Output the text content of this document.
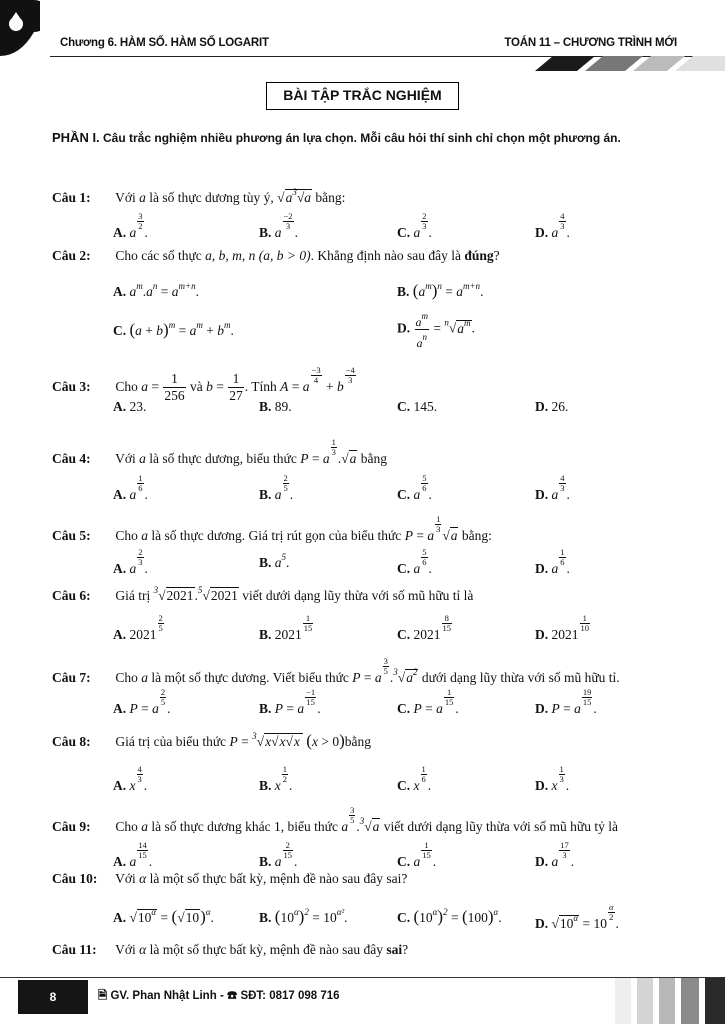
Chương 6. HÀM SỐ. HÀM SỐ LOGARIT	TOÁN 11 – CHƯƠNG TRÌNH MỚI
BÀI TẬP TRẮC NGHIỆM
PHẦN I. Câu trắc nghiệm nhiều phương án lựa chọn. Mỗi câu hỏi thí sinh chỉ chọn một phương án.
Câu 1: Với a là số thực dương tùy ý, $√a^3√a$ bằng:
A. a
$\frac{3}{2}$
.	B. a
$\frac{-2}{3}$
.	C. a
$\frac{2}{3}$
.	D. a
$\frac{4}{3}$
.
Câu 2: Cho các số thực a, b, m, n (a, b > 0). Khẳng định nào sau đây là đúng?
A. $a^m.a^n = a^{m+n}$.	B. $(a^m)^n = a^{m+n}$.
C. $(a + b)^m = a^m + b^m$.	D. $\frac{a^m}{a^n} = ^n√a^m$.
Câu 3: Cho $a = \frac{1}{256}$ và $b = \frac{1}{27}$ . Tính A = a
$\frac{-3}{4}$
+ b
$\frac{-4}{3}$
A. 23.	B. 89.	C. 145.	D. 26.
Câu 4: Với a là số thực dương, biểu thức P = a
$\frac{1}{3}$
.√a bằng
A. a
$\frac{1}{6}$
.	B. a
$\frac{2}{5}$
.	C. a
$\frac{5}{6}$
.	D. a
$\frac{4}{3}$
.
Câu 5: Cho a là số thực dương. Giá trị rút gọn của biểu thức P = a
$\frac{1}{3}$
√a bằng:
A. a
$\frac{2}{3}$
.	B. $a^5$.	C. a
$\frac{5}{6}$
.	D. a
$\frac{1}{6}$
.
Câu 6: Giá trị $^3$√2021.$^5$√2021 viết dưới dạng lũy thừa với số mũ hữu tỉ là
A. 2021
$\frac{2}{5}$
B. 2021
$\frac{1}{15}$
C. 2021
$\frac{8}{15}$
D. 2021
$\frac{1}{10}$
Câu 7: Cho a là một số thực dương. Viết biểu thức P = a
$\frac{3}{5}$
$.^3√a^2$ dưới dạng lũy thừa với số mũ hữu tỉ.
A. P = a
$\frac{2}{5}$
.	B. P = a
$\frac{-1}{15}$
.	C. P = a
$\frac{1}{15}$
.	D. P = a
$\frac{19}{15}$
.
Câu 8: Giá trị của biểu thức P = $^3$√x√x√x (x > 0)bằng
A. x
$\frac{4}{3}$
.	B. x
$\frac{1}{2}$
.	C. x
$\frac{1}{6}$
.	D. x
$\frac{1}{3}$
.
Câu 9: Cho a là số thực dương khác 1, biểu thức a
$\frac{3}{5}$
.$^3$√a viết dưới dạng lũy thừa với số mũ hữu tỷ là
A. a
$\frac{14}{15}$
.	B. a
$\frac{2}{15}$
.	C. a
$\frac{1}{15}$
.	D. a
$\frac{17}{3}$
.
Câu 10: Với α là một số thực bất kỳ, mệnh đề nào sau đây sai?
A. $√10^\alpha = (√10)^\alpha$.	B. $(10^\alpha)^2 = 10^{\alpha^2}$.	C. $(10^\alpha)^2 = (100)^\alpha$. D. $√10^\alpha = 10$
$\frac{\alpha}{2}$
.
Câu 11: Với α là một số thực bất kỳ, mệnh đề nào sau đây sai?
8	🗎 GV. Phan Nhật Linh - ☎ SĐT: 0817 098 716
